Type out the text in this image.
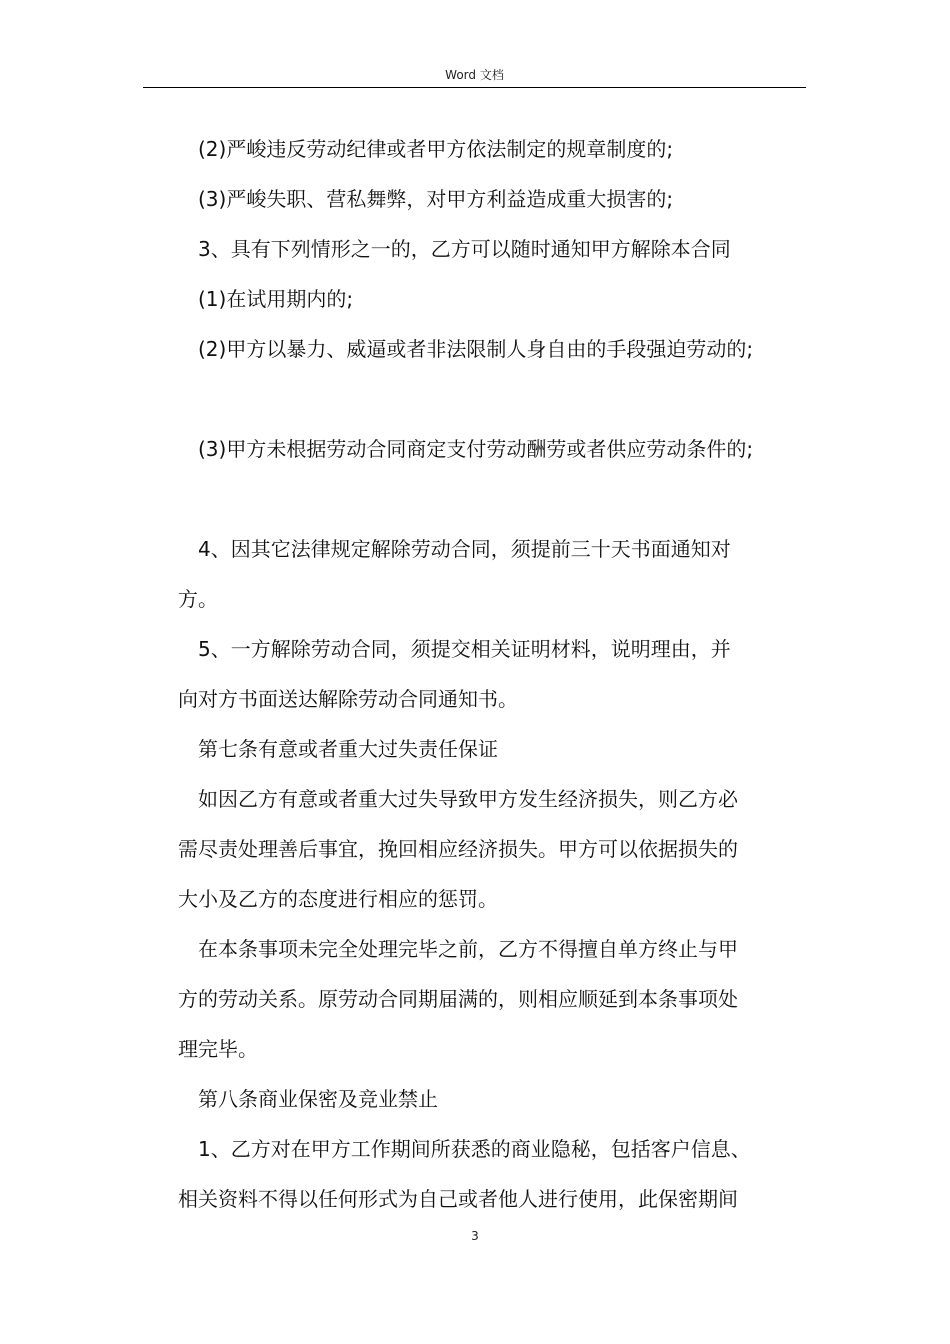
Word 文档
(2)严峻违反劳动纪律或者甲方依法制定的规章制度的;
(3)严峻失职、营私舞弊，对甲方利益造成重大损害的;
3、具有下列情形之一的，乙方可以随时通知甲方解除本合同
(1)在试用期内的;
(2)甲方以暴力、威逼或者非法限制人身自由的手段强迫劳动的;
(3)甲方未根据劳动合同商定支付劳动酬劳或者供应劳动条件的;
4、因其它法律规定解除劳动合同，须提前三十天书面通知对
方。
5、一方解除劳动合同，须提交相关证明材料，说明理由，并
向对方书面送达解除劳动合同通知书。
第七条有意或者重大过失责任保证
如因乙方有意或者重大过失导致甲方发生经济损失，则乙方必
需尽责处理善后事宜，挽回相应经济损失。甲方可以依据损失的
大小及乙方的态度进行相应的惩罚。
在本条事项未完全处理完毕之前，乙方不得擅自单方终止与甲
方的劳动关系。原劳动合同期届满的，则相应顺延到本条事项处
理完毕。
第八条商业保密及竞业禁止
1、乙方对在甲方工作期间所获悉的商业隐秘，包括客户信息、
相关资料不得以任何形式为自己或者他人进行使用，此保密期间
3
